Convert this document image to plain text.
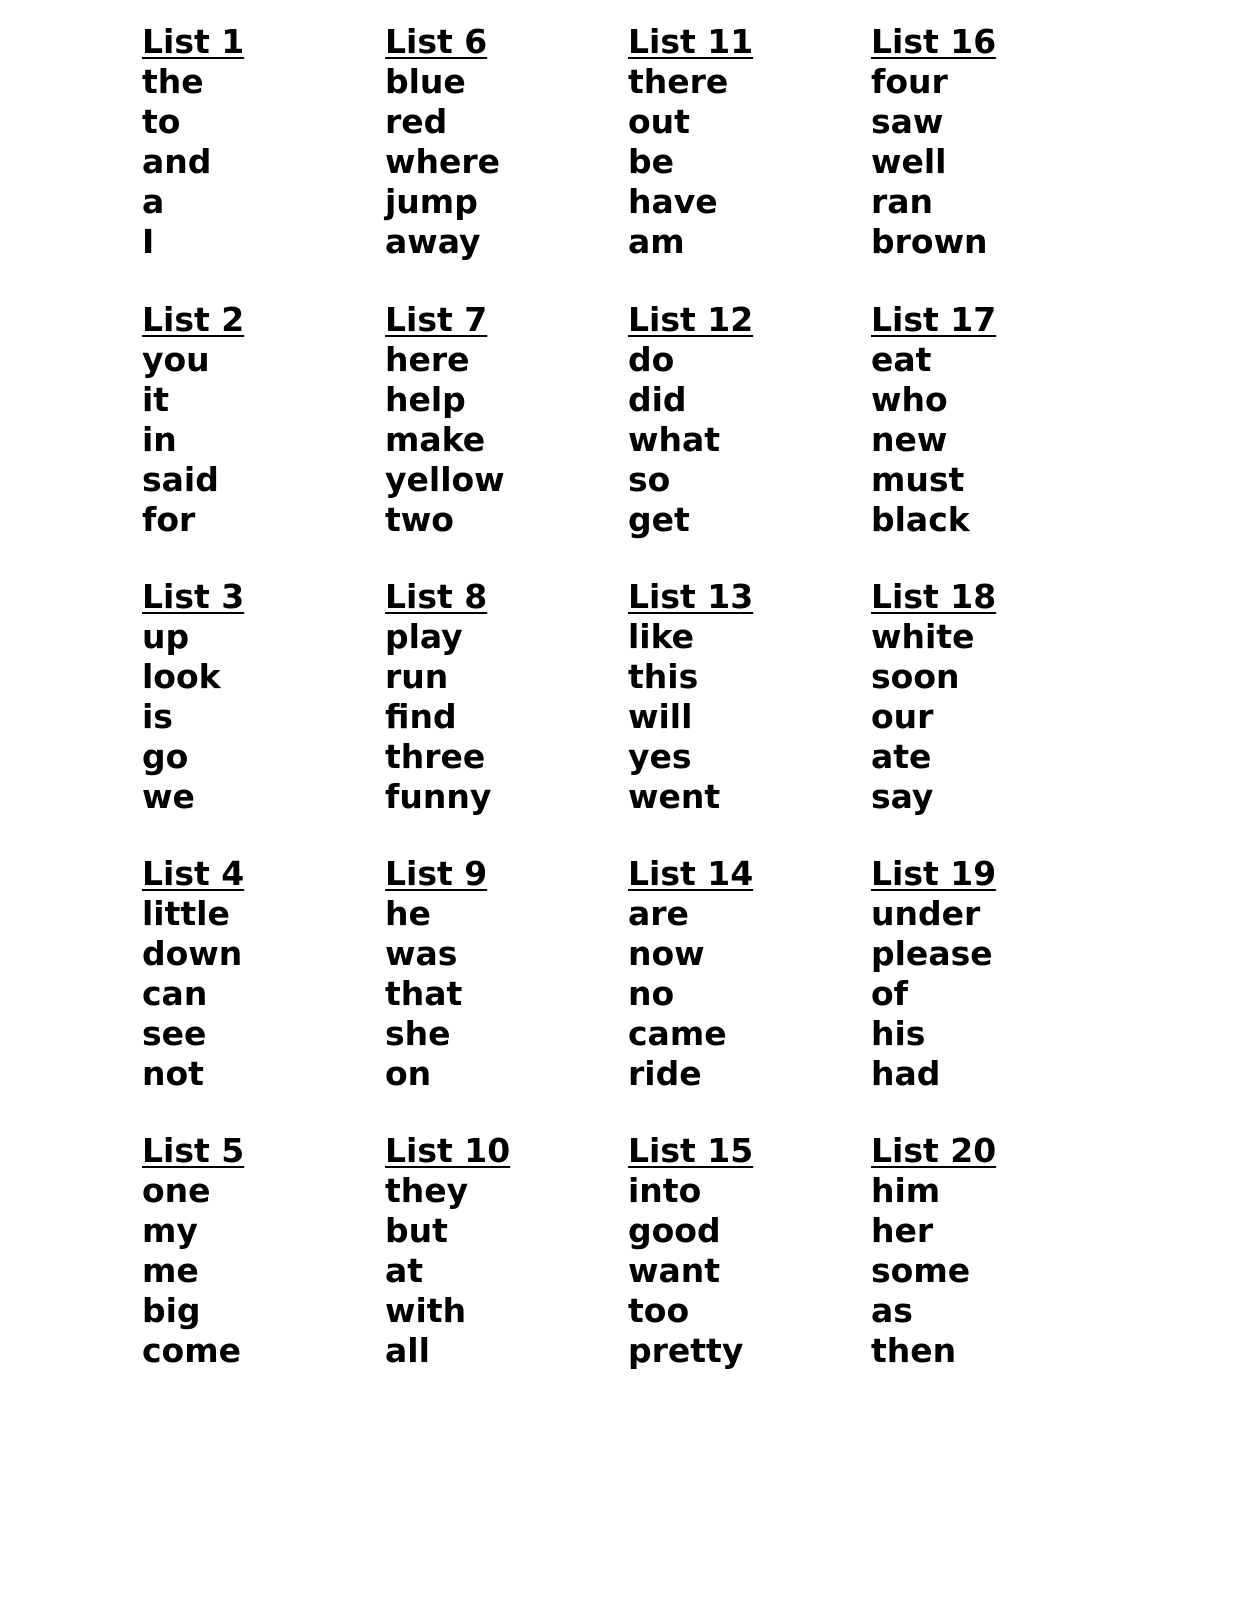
List 1
the
to
and
a
I
List 2
you
it
in
said
for
List 3
up
look
is
go
we
List 4
little
down
can
see
not
List 5
one
my
me
big
come
List 6
blue
red
where
jump
away
List 7
here
help
make
yellow
two
List 8
play
run
find
three
funny
List 9
he
was
that
she
on
List 10
they
but
at
with
all
List 11
there
out
be
have
am
List 12
do
did
what
so
get
List 13
like
this
will
yes
went
List 14
are
now
no
came
ride
List 15
into
good
want
too
pretty
List 16
four
saw
well
ran
brown
List 17
eat
who
new
must
black
List 18
white
soon
our
ate
say
List 19
under
please
of
his
had
List 20
him
her
some
as
then
